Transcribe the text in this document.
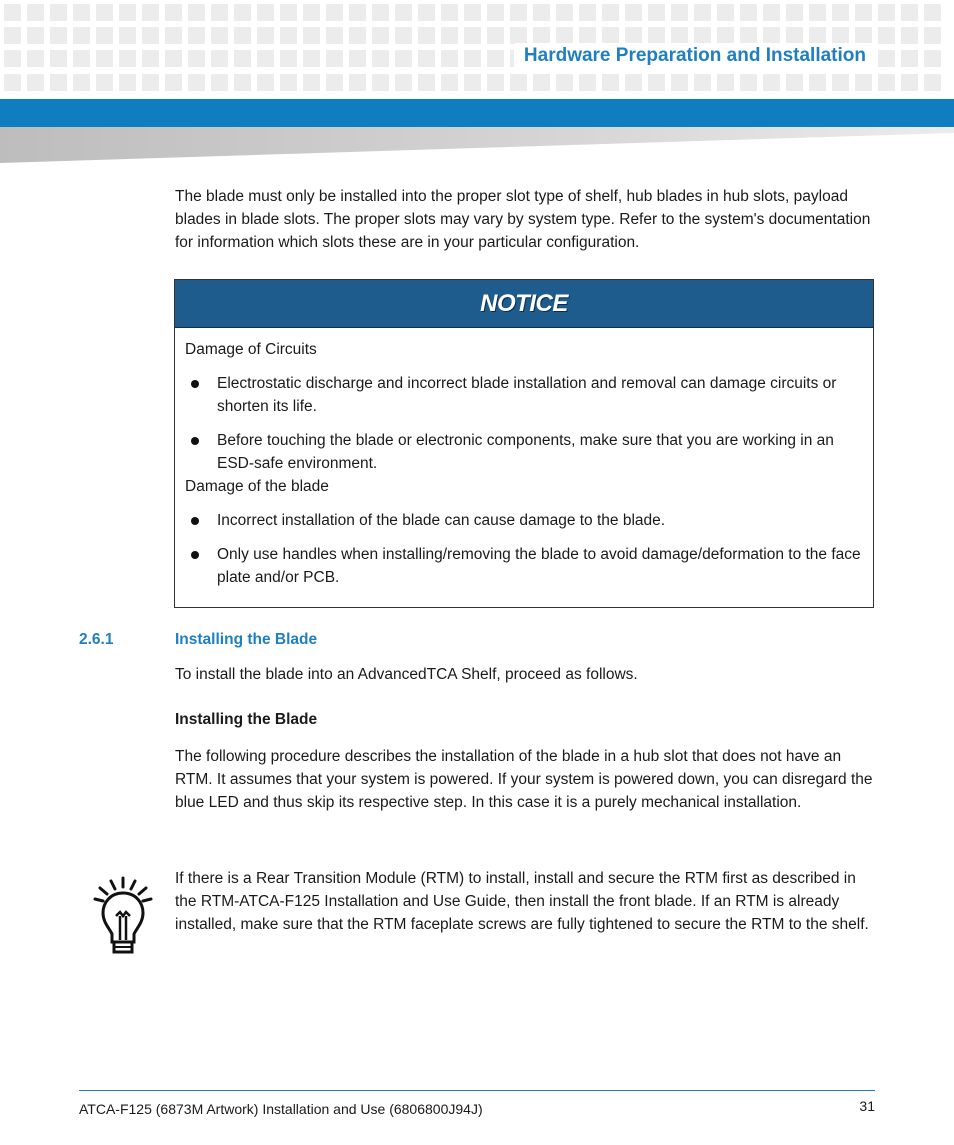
Hardware Preparation and Installation

The blade must only be installed into the proper slot type of shelf, hub blades in hub slots, payload blades in blade slots. The proper slots may vary by system type. Refer to the system's documentation for information which slots these are in your particular configuration.

NOTICE

Damage of Circuits

Electrostatic discharge and incorrect blade installation and removal can damage circuits or shorten its life.
Before touching the blade or electronic components, make sure that you are working in an ESD-safe environment.

Damage of the blade

Incorrect installation of the blade can cause damage to the blade.
Only use handles when installing/removing the blade to avoid damage/deformation to the face plate and/or PCB.
2.6.1	Installing the Blade

To install the blade into an AdvancedTCA Shelf, proceed as follows.

Installing the Blade

The following procedure describes the installation of the blade in a hub slot that does not have an RTM. It assumes that your system is powered. If your system is powered down, you can disregard the blue LED and thus skip its respective step. In this case it is a purely mechanical installation.

If there is a Rear Transition Module (RTM) to install, install and secure the RTM first as described in the RTM-ATCA-F125 Installation and Use Guide, then install the front blade. If an RTM is already installed, make sure that the RTM faceplate screws are fully tightened to secure the RTM to the shelf.

ATCA-F125 (6873M Artwork) Installation and Use (6806800J94J)	31
